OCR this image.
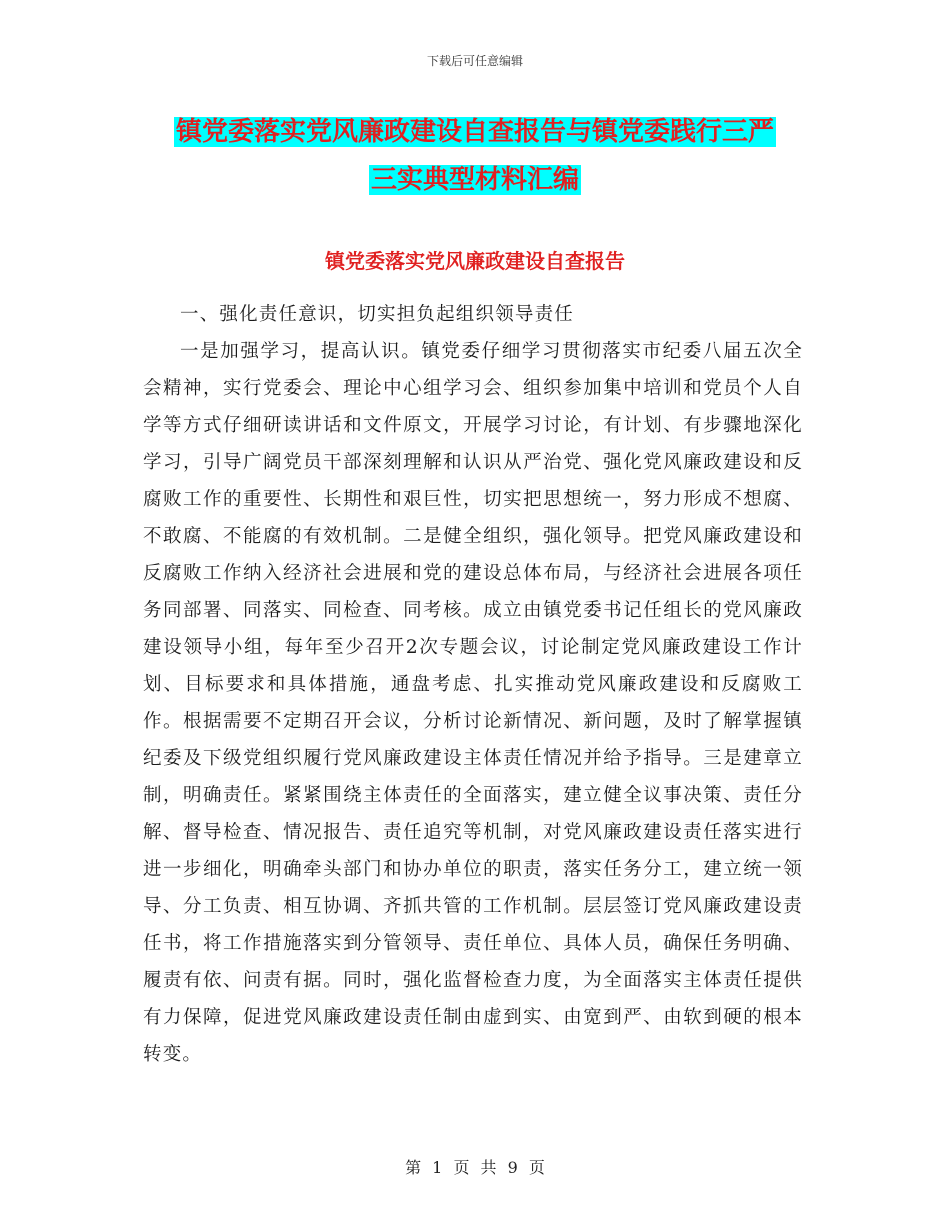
下载后可任意编辑
镇党委落实党风廉政建设自查报告与镇党委践行三严
三实典型材料汇编
镇党委落实党风廉政建设自查报告

一、强化责任意识，切实担负起组织领导责任

一是加强学习，提高认识。镇党委仔细学习贯彻落实市纪委八届五次全会精神，实行党委会、理论中心组学习会、组织参加集中培训和党员个人自学等方式仔细研读讲话和文件原文，开展学习讨论，有计划、有步骤地深化学习，引导广阔党员干部深刻理解和认识从严治党、强化党风廉政建设和反腐败工作的重要性、长期性和艰巨性，切实把思想统一，努力形成不想腐、不敢腐、不能腐的有效机制。二是健全组织，强化领导。把党风廉政建设和反腐败工作纳入经济社会进展和党的建设总体布局，与经济社会进展各项任务同部署、同落实、同检查、同考核。成立由镇党委书记任组长的党风廉政建设领导小组，每年至少召开2次专题会议，讨论制定党风廉政建设工作计划、目标要求和具体措施，通盘考虑、扎实推动党风廉政建设和反腐败工作。根据需要不定期召开会议，分析讨论新情况、新问题，及时了解掌握镇纪委及下级党组织履行党风廉政建设主体责任情况并给予指导。三是建章立制，明确责任。紧紧围绕主体责任的全面落实，建立健全议事决策、责任分解、督导检查、情况报告、责任追究等机制，对党风廉政建设责任落实进行进一步细化，明确牵头部门和协办单位的职责，落实任务分工，建立统一领导、分工负责、相互协调、齐抓共管的工作机制。层层签订党风廉政建设责任书，将工作措施落实到分管领导、责任单位、具体人员，确保任务明确、履责有依、问责有据。同时，强化监督检查力度，为全面落实主体责任提供有力保障，促进党风廉政建设责任制由虚到实、由宽到严、由软到硬的根本转变。

第 1 页 共 9 页
